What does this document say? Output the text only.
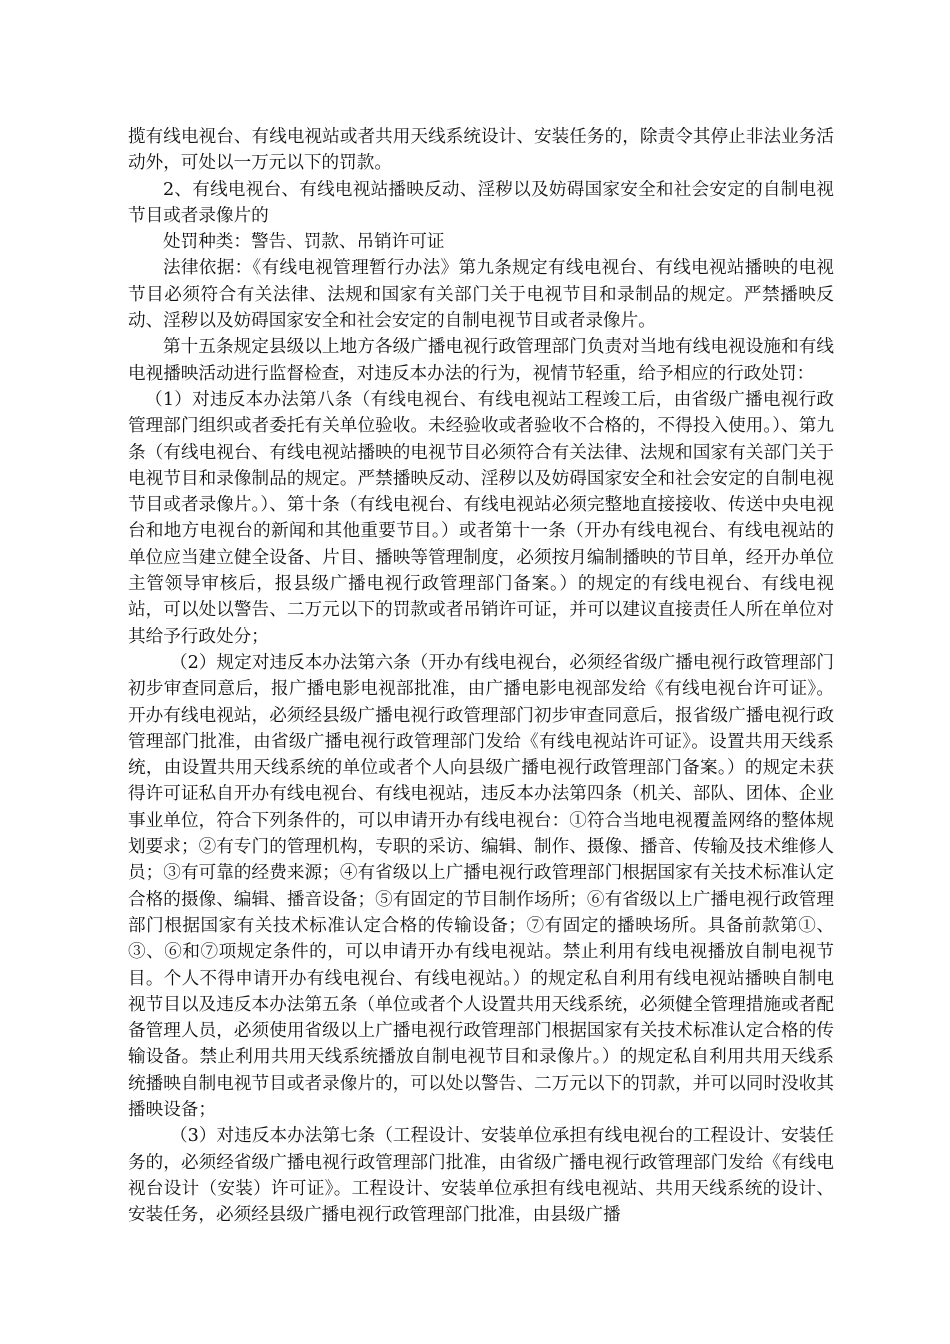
揽有线电视台、有线电视站或者共用天线系统设计、安装任务的，除责令其停止非法业务活动外，可处以一万元以下的罚款。

2、有线电视台、有线电视站播映反动、淫秽以及妨碍国家安全和社会安定的自制电视节目或者录像片的

处罚种类：警告、罚款、吊销许可证

法律依据：《有线电视管理暂行办法》第九条规定有线电视台、有线电视站播映的电视节目必须符合有关法律、法规和国家有关部门关于电视节目和录制品的规定。严禁播映反动、淫秽以及妨碍国家安全和社会安定的自制电视节目或者录像片。

第十五条规定县级以上地方各级广播电视行政管理部门负责对当地有线电视设施和有线电视播映活动进行监督检查，对违反本办法的行为，视情节轻重，给予相应的行政处罚：

（1）对违反本办法第八条（有线电视台、有线电视站工程竣工后，由省级广播电视行政管理部门组织或者委托有关单位验收。未经验收或者验收不合格的，不得投入使用。）、第九条（有线电视台、有线电视站播映的电视节目必须符合有关法律、法规和国家有关部门关于电视节目和录像制品的规定。严禁播映反动、淫秽以及妨碍国家安全和社会安定的自制电视节目或者录像片。）、第十条（有线电视台、有线电视站必须完整地直接接收、传送中央电视台和地方电视台的新闻和其他重要节目。）或者第十一条（开办有线电视台、有线电视站的单位应当建立健全设备、片目、播映等管理制度，必须按月编制播映的节目单，经开办单位主管领导审核后，报县级广播电视行政管理部门备案。）的规定的有线电视台、有线电视站，可以处以警告、二万元以下的罚款或者吊销许可证，并可以建议直接责任人所在单位对其给予行政处分；

（2）规定对违反本办法第六条（开办有线电视台，必须经省级广播电视行政管理部门初步审查同意后，报广播电影电视部批准，由广播电影电视部发给《有线电视台许可证》。开办有线电视站，必须经县级广播电视行政管理部门初步审查同意后，报省级广播电视行政管理部门批准，由省级广播电视行政管理部门发给《有线电视站许可证》。设置共用天线系统，由设置共用天线系统的单位或者个人向县级广播电视行政管理部门备案。）的规定未获得许可证私自开办有线电视台、有线电视站，违反本办法第四条（机关、部队、团体、企业事业单位，符合下列条件的，可以申请开办有线电视台：①符合当地电视覆盖网络的整体规划要求；②有专门的管理机构，专职的采访、编辑、制作、摄像、播音、传输及技术维修人员；③有可靠的经费来源；④有省级以上广播电视行政管理部门根据国家有关技术标准认定合格的摄像、编辑、播音设备；⑤有固定的节目制作场所；⑥有省级以上广播电视行政管理部门根据国家有关技术标准认定合格的传输设备；⑦有固定的播映场所。具备前款第①、③、⑥和⑦项规定条件的，可以申请开办有线电视站。禁止利用有线电视播放自制电视节目。个人不得申请开办有线电视台、有线电视站。）的规定私自利用有线电视站播映自制电视节目以及违反本办法第五条（单位或者个人设置共用天线系统，必须健全管理措施或者配备管理人员，必须使用省级以上广播电视行政管理部门根据国家有关技术标准认定合格的传输设备。禁止利用共用天线系统播放自制电视节目和录像片。）的规定私自利用共用天线系统播映自制电视节目或者录像片的，可以处以警告、二万元以下的罚款，并可以同时没收其播映设备；

（3）对违反本办法第七条（工程设计、安装单位承担有线电视台的工程设计、安装任务的，必须经省级广播电视行政管理部门批准，由省级广播电视行政管理部门发给《有线电视台设计（安装）许可证》。工程设计、安装单位承担有线电视站、共用天线系统的设计、安装任务，必须经县级广播电视行政管理部门批准，由县级广播
